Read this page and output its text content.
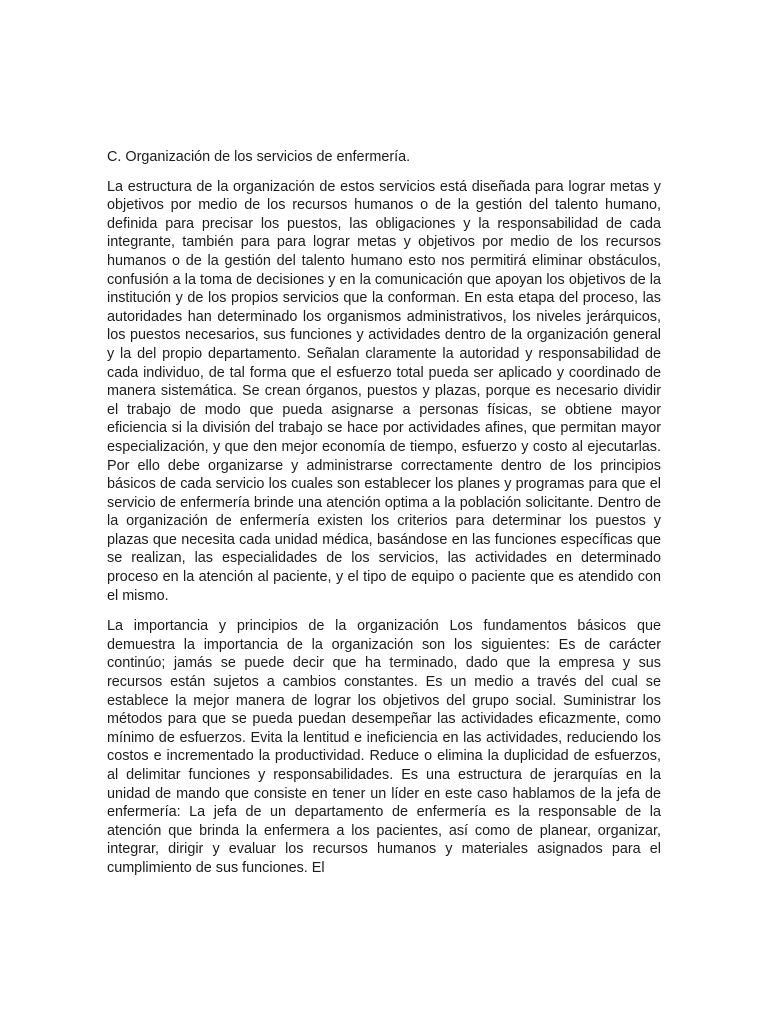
C. Organización de los servicios de enfermería.

La estructura de la organización de estos servicios está diseñada para lograr metas y objetivos por medio de los recursos humanos o de la gestión del talento humano, definida para precisar los puestos, las obligaciones y la responsabilidad de cada integrante, también para para lograr metas y objetivos por medio de los recursos humanos o de la gestión del talento humano esto nos permitirá eliminar obstáculos, confusión a la toma de decisiones y en la comunicación que apoyan los objetivos de la institución y de los propios servicios que la conforman. En esta etapa del proceso, las autoridades han determinado los organismos administrativos, los niveles jerárquicos, los puestos necesarios, sus funciones y actividades dentro de la organización general y la del propio departamento. Señalan claramente la autoridad y responsabilidad de cada individuo, de tal forma que el esfuerzo total pueda ser aplicado y coordinado de manera sistemática. Se crean órganos, puestos y plazas, porque es necesario dividir el trabajo de modo que pueda asignarse a personas físicas, se obtiene mayor eficiencia si la división del trabajo se hace por actividades afines, que permitan mayor especialización, y que den mejor economía de tiempo, esfuerzo y costo al ejecutarlas. Por ello debe organizarse y administrarse correctamente dentro de los principios básicos de cada servicio los cuales son establecer los planes y programas para que el servicio de enfermería brinde una atención optima a la población solicitante. Dentro de la organización de enfermería existen los criterios para determinar los puestos y plazas que necesita cada unidad médica, basándose en las funciones específicas que se realizan, las especialidades de los servicios, las actividades en determinado proceso en la atención al paciente, y el tipo de equipo o paciente que es atendido con el mismo.

La importancia y principios de la organización Los fundamentos básicos que demuestra la importancia de la organización son los siguientes: Es de carácter continúo; jamás se puede decir que ha terminado, dado que la empresa y sus recursos están sujetos a cambios constantes. Es un medio a través del cual se establece la mejor manera de lograr los objetivos del grupo social. Suministrar los métodos para que se pueda puedan desempeñar las actividades eficazmente, como mínimo de esfuerzos. Evita la lentitud e ineficiencia en las actividades, reduciendo los costos e incrementado la productividad. Reduce o elimina la duplicidad de esfuerzos, al delimitar funciones y responsabilidades. Es una estructura de jerarquías en la unidad de mando que consiste en tener un líder en este caso hablamos de la jefa de enfermería: La jefa de un departamento de enfermería es la responsable de la atención que brinda la enfermera a los pacientes, así como de planear, organizar, integrar, dirigir y evaluar los recursos humanos y materiales asignados para el cumplimiento de sus funciones. El
